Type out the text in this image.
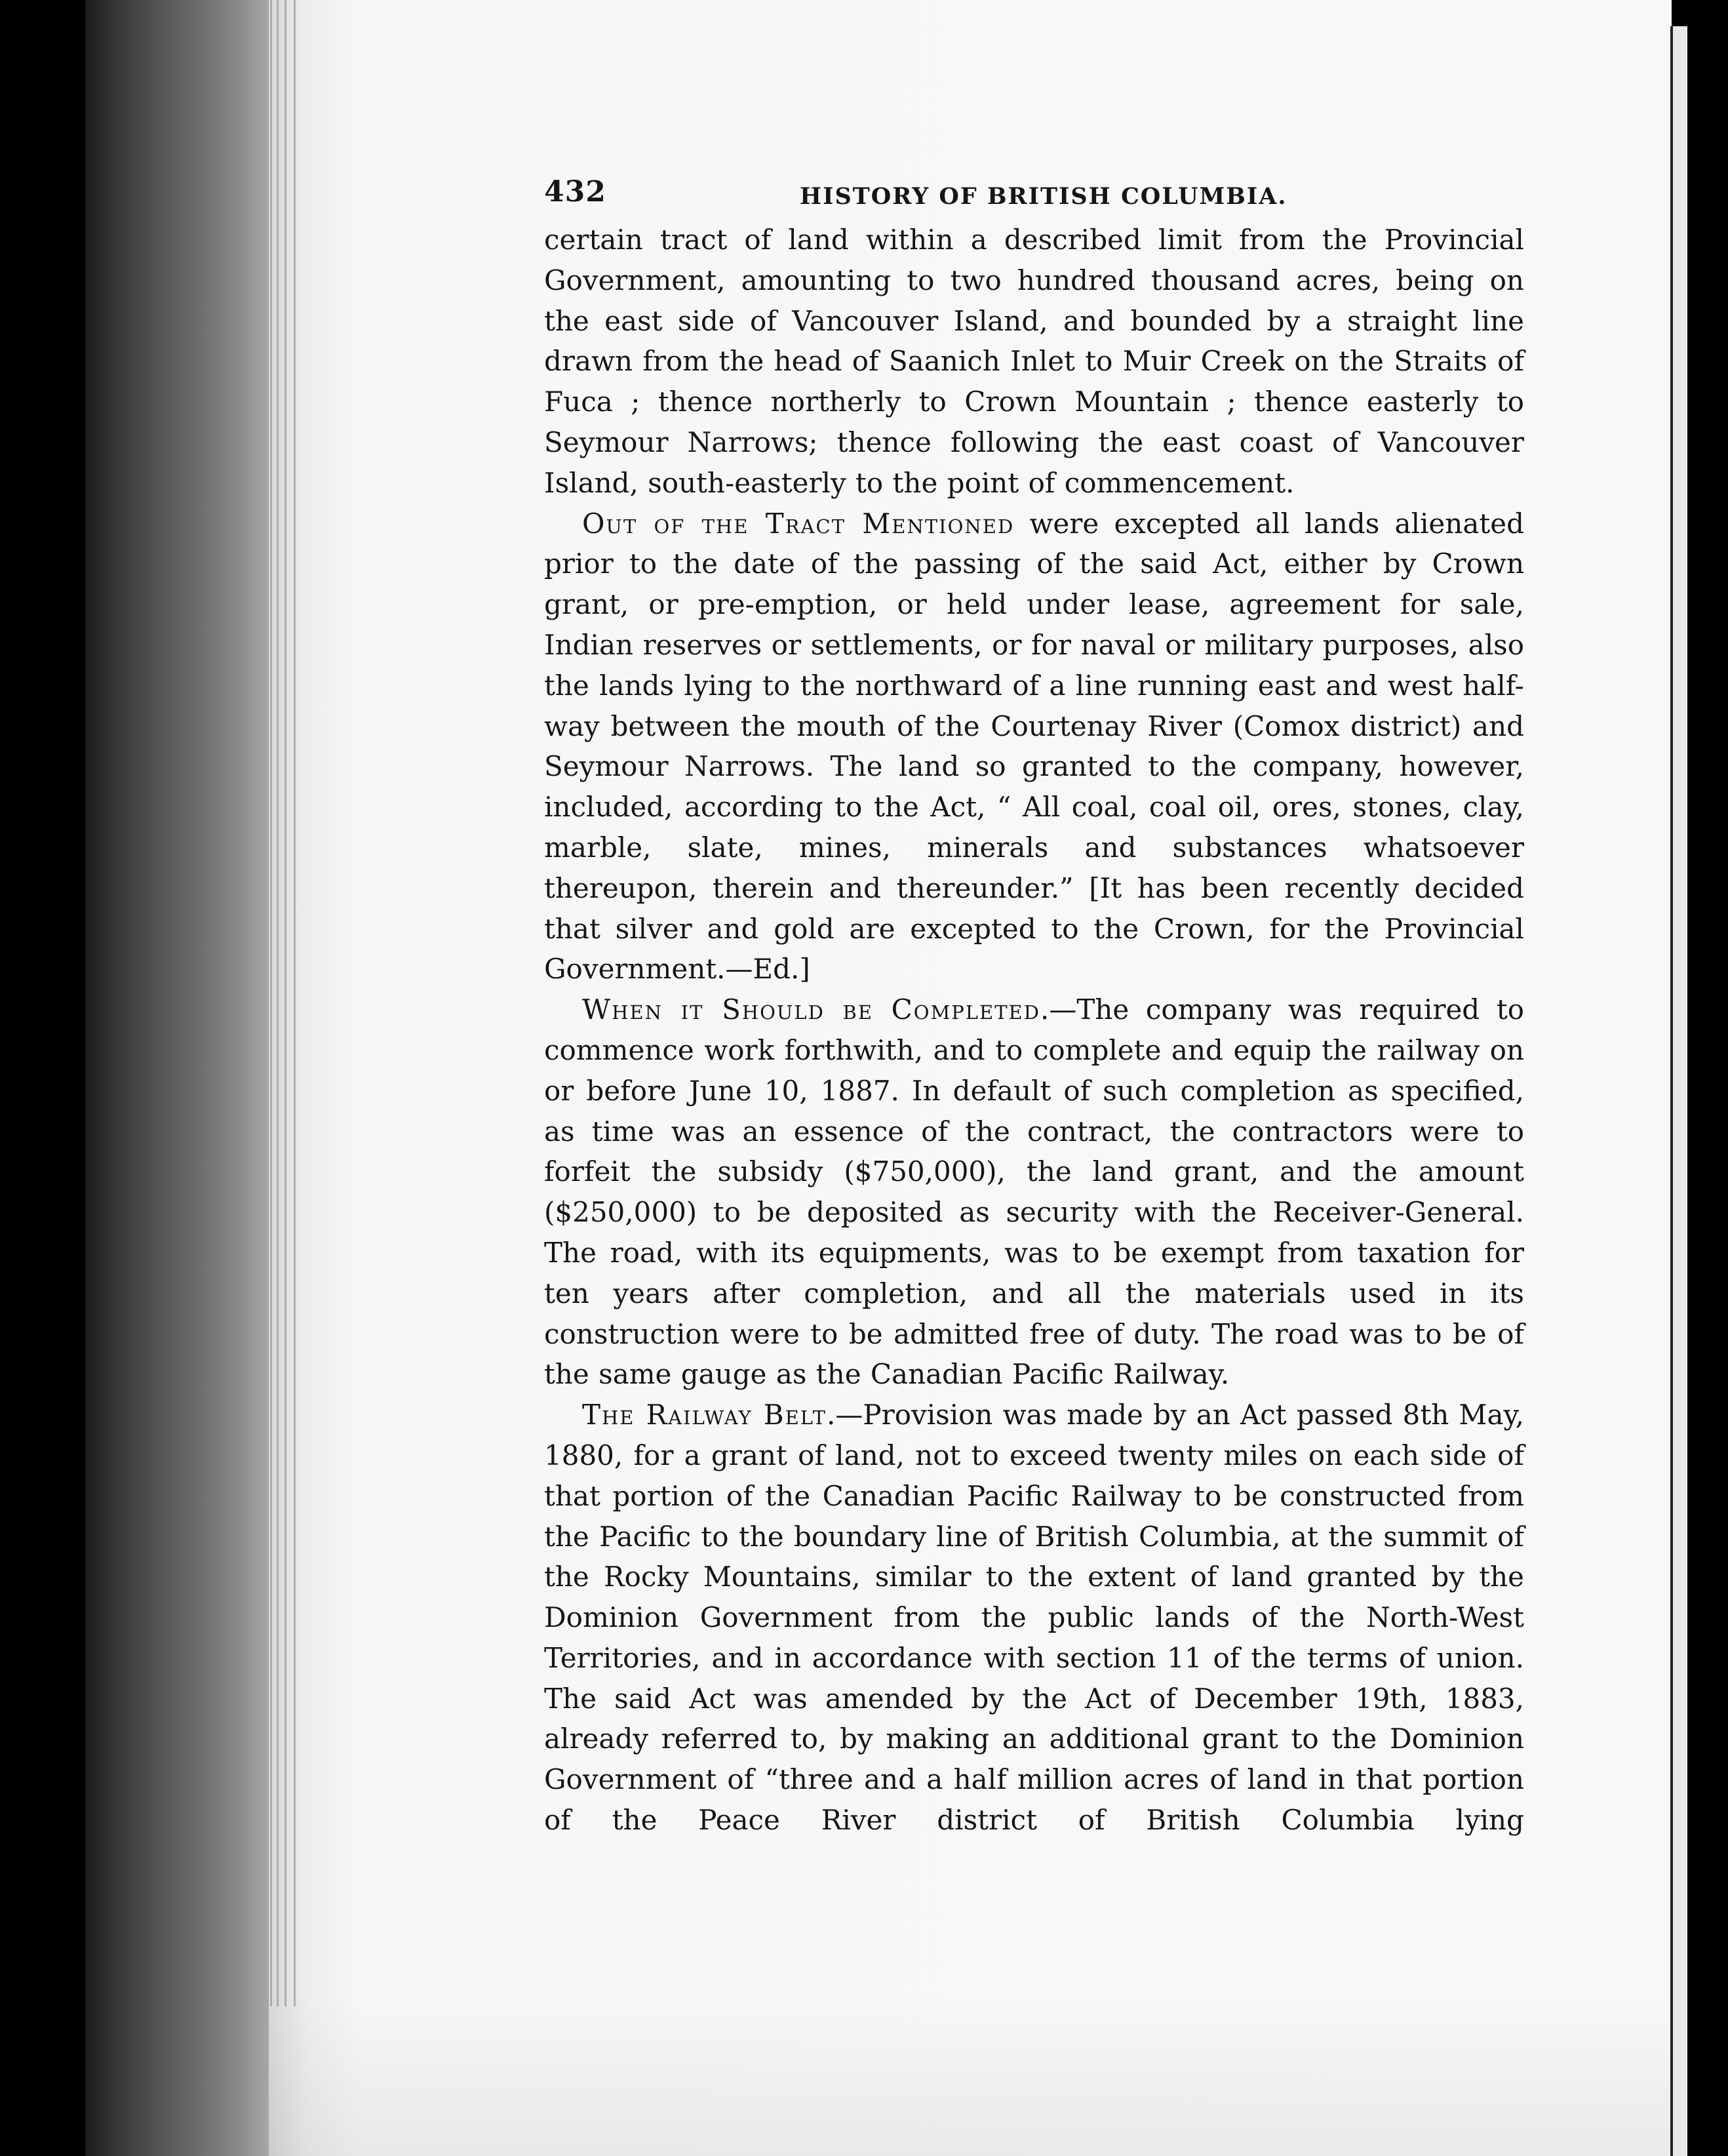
432	HISTORY OF BRITISH COLUMBIA.

certain tract of land within a described limit from the Provincial Government, amounting to two hundred thousand acres, being on the east side of Vancouver Island, and bounded by a straight line drawn from the head of Saanich Inlet to Muir Creek on the Straits of Fuca ; thence northerly to Crown Mountain ; thence easterly to Seymour Narrows; thence following the east coast of Vancouver Island, south-easterly to the point of commencement.

Out of the Tract Mentioned were excepted all lands alienated prior to the date of the passing of the said Act, either by Crown grant, or pre-emption, or held under lease, agreement for sale, Indian reserves or settlements, or for naval or military purposes, also the lands lying to the northward of a line running east and west half-way between the mouth of the Courtenay River (Comox district) and Seymour Narrows. The land so granted to the company, however, included, according to the Act, “ All coal, coal oil, ores, stones, clay, marble, slate, mines, minerals and substances whatsoever thereupon, therein and thereunder.” [It has been recently decided that silver and gold are excepted to the Crown, for the Provincial Government.—Ed.]

When it Should be Completed.—The company was required to commence work forthwith, and to complete and equip the railway on or before June 10, 1887. In default of such completion as specified, as time was an essence of the contract, the contractors were to forfeit the subsidy ($750,000), the land grant, and the amount ($250,000) to be deposited as security with the Receiver-General. The road, with its equipments, was to be exempt from taxation for ten years after completion, and all the materials used in its construction were to be admitted free of duty. The road was to be of the same gauge as the Canadian Pacific Railway.

The Railway Belt.—Provision was made by an Act passed 8th May, 1880, for a grant of land, not to exceed twenty miles on each side of that portion of the Canadian Pacific Railway to be constructed from the Pacific to the boundary line of British Columbia, at the summit of the Rocky Mountains, similar to the extent of land granted by the Dominion Government from the public lands of the North-West Territories, and in accordance with section 11 of the terms of union. The said Act was amended by the Act of December 19th, 1883, already referred to, by making an additional grant to the Dominion Government of “three and a half million acres of land in that portion of the Peace River district of British Columbia lying
